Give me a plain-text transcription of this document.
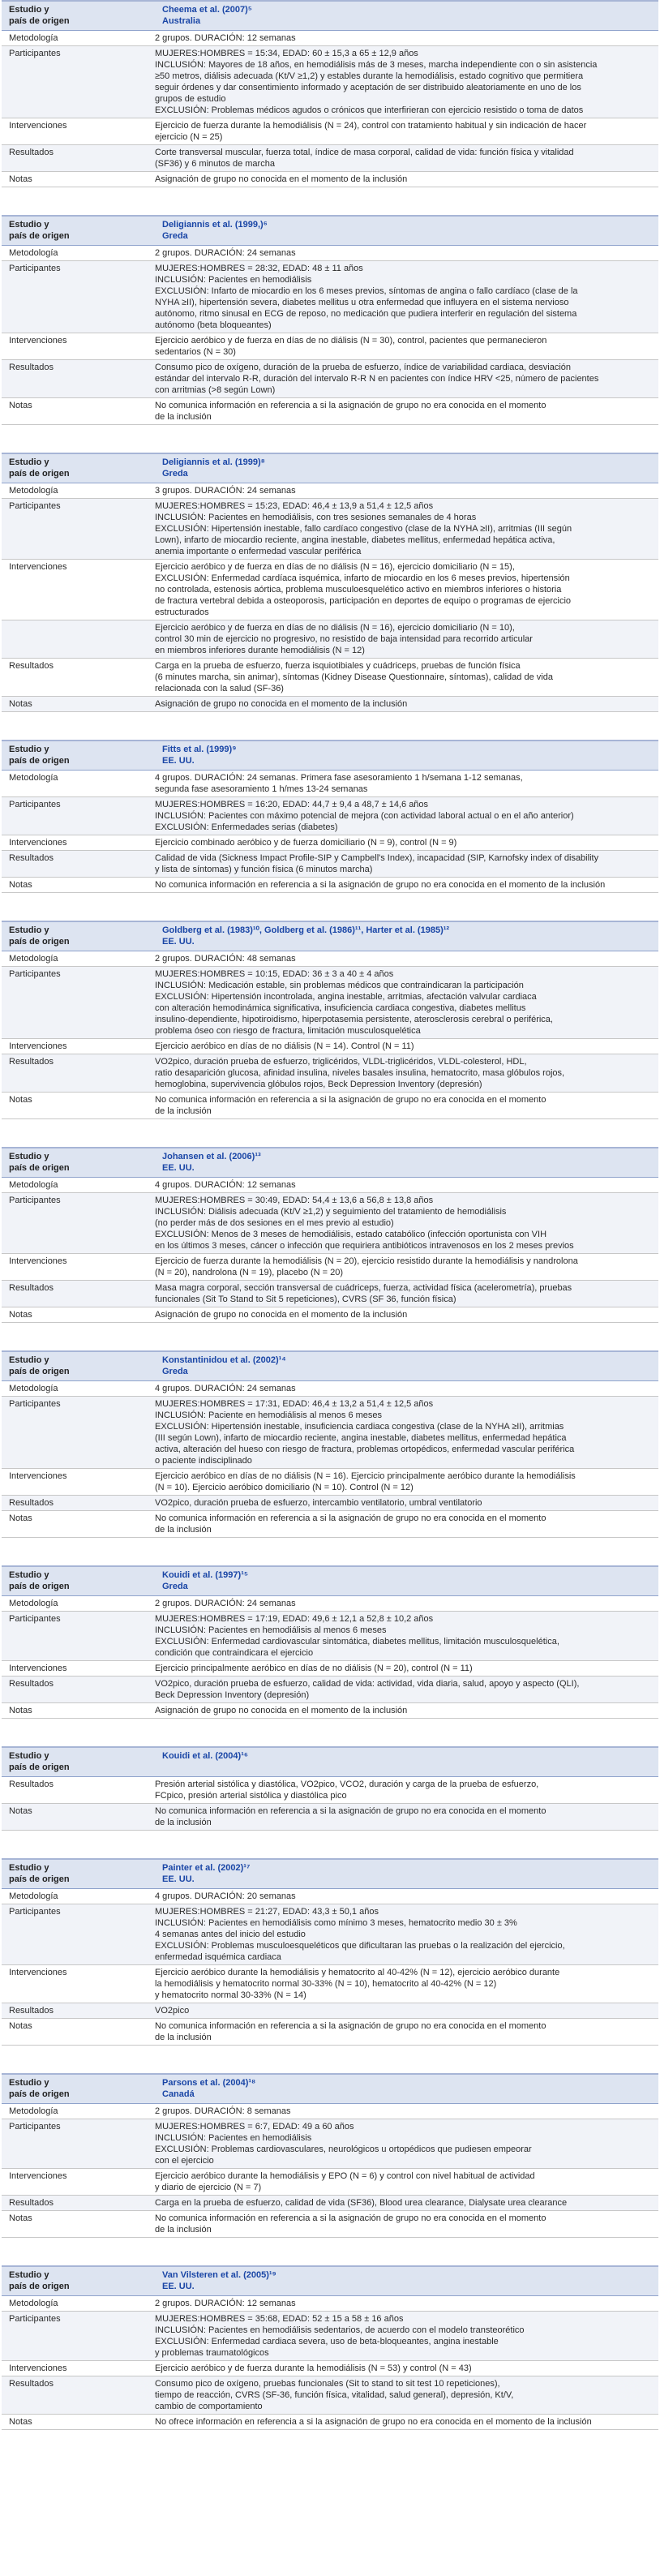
Estudio y
país de origen
Cheema et al. (2007)⁵
Australia
Metodología	2 grupos. DURACIÓN: 12 semanas
Participantes	MUJERES:HOMBRES = 15:34, EDAD: 60 ± 15,3 a 65 ± 12,9 años
INCLUSIÓN: Mayores de 18 años, en hemodiálisis más de 3 meses, marcha independiente con o sin asistencia
≥50 metros, diálisis adecuada (Kt/V ≥1,2) y estables durante la hemodiálisis, estado cognitivo que permitiera
seguir órdenes y dar consentimiento informado y aceptación de ser distribuido aleatoriamente en uno de los
grupos de estudio
EXCLUSIÓN: Problemas médicos agudos o crónicos que interfirieran con ejercicio resistido o toma de datos
Intervenciones	Ejercicio de fuerza durante la hemodiálisis (N = 24), control con tratamiento habitual y sin indicación de hacer
ejercicio (N = 25)
Resultados	Corte transversal muscular, fuerza total, índice de masa corporal, calidad de vida: función física y vitalidad
(SF36) y 6 minutos de marcha
Notas	Asignación de grupo no conocida en el momento de la inclusión
Estudio y
país de origen
Deligiannis et al. (1999,)⁶
Greda
Metodología	2 grupos. DURACIÓN: 24 semanas
Participantes	MUJERES:HOMBRES = 28:32, EDAD: 48 ± 11 años
INCLUSIÓN: Pacientes en hemodiálisis
EXCLUSIÓN: Infarto de miocardio en los 6 meses previos, síntomas de angina o fallo cardíaco (clase de la
NYHA ≥II), hipertensión severa, diabetes mellitus u otra enfermedad que influyera en el sistema nervioso
autónomo, ritmo sinusal en ECG de reposo, no medicación que pudiera interferir en regulación del sistema
autónomo (beta bloqueantes)
Intervenciones	Ejercicio aeróbico y de fuerza en días de no diálisis (N = 30), control, pacientes que permanecieron
sedentarios (N = 30)
Resultados	Consumo pico de oxígeno, duración de la prueba de esfuerzo, índice de variabilidad cardiaca, desviación
estándar del intervalo R-R, duración del intervalo R-R N en pacientes con índice HRV <25, número de pacientes
con arritmias (>8 según Lown)
Notas	No comunica información en referencia a si la asignación de grupo no era conocida en el momento
de la inclusión
Estudio y
país de origen
Deligiannis et al. (1999)⁸
Greda
Metodología	3 grupos. DURACIÓN: 24 semanas
Participantes	MUJERES:HOMBRES = 15:23, EDAD: 46,4 ± 13,9 a 51,4 ± 12,5 años
INCLUSIÓN: Pacientes en hemodiálisis, con tres sesiones semanales de 4 horas
EXCLUSIÓN: Hipertensión inestable, fallo cardíaco congestivo (clase de la NYHA ≥II), arritmias (III según
Lown), infarto de miocardio reciente, angina inestable, diabetes mellitus, enfermedad hepática activa,
anemia importante o enfermedad vascular periférica
Intervenciones	Ejercicio aeróbico y de fuerza en días de no diálisis (N = 16), ejercicio domiciliario (N = 15),
EXCLUSIÓN: Enfermedad cardíaca isquémica, infarto de miocardio en los 6 meses previos, hipertensión
no controlada, estenosis aórtica, problema musculoesquelético activo en miembros inferiores o historia
de fractura vertebral debida a osteoporosis, participación en deportes de equipo o programas de ejercicio
estructurados
Ejercicio aeróbico y de fuerza en días de no diálisis (N = 16), ejercicio domiciliario (N = 10),
control 30 min de ejercicio no progresivo, no resistido de baja intensidad para recorrido articular
en miembros inferiores durante hemodiálisis (N = 12)
Resultados	Carga en la prueba de esfuerzo, fuerza isquiotibiales y cuádriceps, pruebas de función física
(6 minutes marcha, sin animar), síntomas (Kidney Disease Questionnaire, síntomas), calidad de vida
relacionada con la salud (SF-36)
Notas	Asignación de grupo no conocida en el momento de la inclusión
Estudio y
país de origen
Fitts et al. (1999)⁹
EE. UU.
Metodología	4 grupos. DURACIÓN: 24 semanas. Primera fase asesoramiento 1 h/semana 1-12 semanas,
segunda fase asesoramiento 1 h/mes 13-24 semanas
Participantes	MUJERES:HOMBRES = 16:20, EDAD: 44,7 ± 9,4 a 48,7 ± 14,6 años
INCLUSIÓN: Pacientes con máximo potencial de mejora (con actividad laboral actual o en el año anterior)
EXCLUSIÓN: Enfermedades serias (diabetes)
Intervenciones	Ejercicio combinado aeróbico y de fuerza domiciliario (N = 9), control (N = 9)
Resultados	Calidad de vida (Sickness Impact Profile-SIP y Campbell's Index), incapacidad (SIP, Karnofsky index of disability
y lista de síntomas) y función física (6 minutos marcha)
Notas	No comunica información en referencia a si la asignación de grupo no era conocida en el momento de la inclusión
Estudio y
país de origen
Goldberg et al. (1983)¹⁰, Goldberg et al. (1986)¹¹, Harter et al. (1985)¹²
EE. UU.
Metodología	2 grupos. DURACIÓN: 48 semanas
Participantes	MUJERES:HOMBRES = 10:15, EDAD: 36 ± 3 a 40 ± 4 años
INCLUSIÓN: Medicación estable, sin problemas médicos que contraindicaran la participación
EXCLUSIÓN: Hipertensión incontrolada, angina inestable, arritmias, afectación valvular cardiaca
con alteración hemodinámica significativa, insuficiencia cardiaca congestiva, diabetes mellitus
insulino-dependiente, hipotiroidismo, hiperpotasemia persistente, aterosclerosis cerebral o periférica,
problema óseo con riesgo de fractura, limitación musculosquelética
Intervenciones	Ejercicio aeróbico en días de no diálisis (N = 14). Control (N = 11)
Resultados	VO2pico, duración prueba de esfuerzo, triglicéridos, VLDL-triglicéridos, VLDL-colesterol, HDL,
ratio desaparición glucosa, afinidad insulina, niveles basales insulina, hematocrito, masa glóbulos rojos,
hemoglobina, supervivencia glóbulos rojos, Beck Depression Inventory (depresión)
Notas	No comunica información en referencia a si la asignación de grupo no era conocida en el momento
de la inclusión
Estudio y
país de origen
Johansen et al. (2006)¹³
EE. UU.
Metodología	4 grupos. DURACIÓN: 12 semanas
Participantes	MUJERES:HOMBRES = 30:49, EDAD: 54,4 ± 13,6 a 56,8 ± 13,8 años
INCLUSIÓN: Diálisis adecuada (Kt/V ≥1,2) y seguimiento del tratamiento de hemodiálisis
(no perder más de dos sesiones en el mes previo al estudio)
EXCLUSIÓN: Menos de 3 meses de hemodiálisis, estado catabólico (infección oportunista con VIH
en los últimos 3 meses, cáncer o infección que requiriera antibióticos intravenosos en los 2 meses previos
Intervenciones	Ejercicio de fuerza durante la hemodiálisis (N = 20), ejercicio resistido durante la hemodiálisis y nandrolona
(N = 20), nandrolona (N = 19), placebo (N = 20)
Resultados	Masa magra corporal, sección transversal de cuádriceps, fuerza, actividad física (acelerometría), pruebas
funcionales (Sit To Stand to Sit 5 repeticiones), CVRS (SF 36, función física)
Notas	Asignación de grupo no conocida en el momento de la inclusión
Estudio y
país de origen
Konstantinidou et al. (2002)¹⁴
Greda
Metodología	4 grupos. DURACIÓN: 24 semanas
Participantes	MUJERES:HOMBRES = 17:31, EDAD: 46,4 ± 13,2 a 51,4 ± 12,5 años
INCLUSIÓN: Paciente en hemodiálisis al menos 6 meses
EXCLUSIÓN: Hipertensión inestable, insuficiencia cardiaca congestiva (clase de la NYHA ≥II), arritmias
(III según Lown), infarto de miocardio reciente, angina inestable, diabetes mellitus, enfermedad hepática
activa, alteración del hueso con riesgo de fractura, problemas ortopédicos, enfermedad vascular periférica
o paciente indisciplinado
Intervenciones	Ejercicio aeróbico en días de no diálisis (N = 16). Ejercicio principalmente aeróbico durante la hemodiálisis
(N = 10). Ejercicio aeróbico domiciliario (N = 10). Control (N = 12)
Resultados	VO2pico, duración prueba de esfuerzo, intercambio ventilatorio, umbral ventilatorio
Notas	No comunica información en referencia a si la asignación de grupo no era conocida en el momento
de la inclusión
Estudio y
país de origen
Kouidi et al. (1997)¹⁵
Greda
Metodología	2 grupos. DURACIÓN: 24 semanas
Participantes	MUJERES:HOMBRES = 17:19, EDAD: 49,6 ± 12,1 a 52,8 ± 10,2 años
INCLUSIÓN: Pacientes en hemodiálisis al menos 6 meses
EXCLUSIÓN: Enfermedad cardiovascular sintomática, diabetes mellitus, limitación musculosquelética,
condición que contraindicara el ejercicio
Intervenciones	Ejercicio principalmente aeróbico en días de no diálisis (N = 20), control (N = 11)
Resultados	VO2pico, duración prueba de esfuerzo, calidad de vida: actividad, vida diaria, salud, apoyo y aspecto (QLI),
Beck Depression Inventory (depresión)
Notas	Asignación de grupo no conocida en el momento de la inclusión
Estudio y
país de origen
Kouidi et al. (2004)¹⁶
Resultados	Presión arterial sistólica y diastólica, VO2pico, VCO2, duración y carga de la prueba de esfuerzo,
FCpico, presión arterial sistólica y diastólica pico
Notas	No comunica información en referencia a si la asignación de grupo no era conocida en el momento
de la inclusión
Estudio y
país de origen
Painter et al. (2002)¹⁷
EE. UU.
Metodología	4 grupos. DURACIÓN: 20 semanas
Participantes	MUJERES:HOMBRES = 21:27, EDAD: 43,3 ± 50,1 años
INCLUSIÓN: Pacientes en hemodiálisis como mínimo 3 meses, hematocrito medio 30 ± 3%
4 semanas antes del inicio del estudio
EXCLUSIÓN: Problemas musculoesqueléticos que dificultaran las pruebas o la realización del ejercicio,
enfermedad isquémica cardiaca
Intervenciones	Ejercicio aeróbico durante la hemodiálisis y hematocrito al 40-42% (N = 12), ejercicio aeróbico durante
la hemodiálisis y hematocrito normal 30-33% (N = 10), hematocrito al 40-42% (N = 12)
y hematocrito normal 30-33% (N = 14)
Resultados	VO2pico
Notas	No comunica información en referencia a si la asignación de grupo no era conocida en el momento
de la inclusión
Estudio y
país de origen
Parsons et al. (2004)¹⁸
Canadá
Metodología	2 grupos. DURACIÓN: 8 semanas
Participantes	MUJERES:HOMBRES = 6:7, EDAD: 49 a 60 años
INCLUSIÓN: Pacientes en hemodiálisis
EXCLUSIÓN: Problemas cardiovasculares, neurológicos u ortopédicos que pudiesen empeorar
con el ejercicio
Intervenciones	Ejercicio aeróbico durante la hemodiálisis y EPO (N = 6) y control con nivel habitual de actividad
y diario de ejercicio (N = 7)
Resultados	Carga en la prueba de esfuerzo, calidad de vida (SF36), Blood urea clearance, Dialysate urea clearance
Notas	No comunica información en referencia a si la asignación de grupo no era conocida en el momento
de la inclusión
Estudio y
país de origen
Van Vilsteren et al. (2005)¹⁹
EE. UU.
Metodología	2 grupos. DURACIÓN: 12 semanas
Participantes	MUJERES:HOMBRES = 35:68, EDAD: 52 ± 15 a 58 ± 16 años
INCLUSIÓN: Pacientes en hemodiálisis sedentarios, de acuerdo con el modelo transteorético
EXCLUSIÓN: Enfermedad cardiaca severa, uso de beta-bloqueantes, angina inestable
y problemas traumatológicos
Intervenciones	Ejercicio aeróbico y de fuerza durante la hemodiálisis (N = 53) y control (N = 43)
Resultados	Consumo pico de oxígeno, pruebas funcionales (Sit to stand to sit test 10 repeticiones),
tiempo de reacción, CVRS (SF-36, función física, vitalidad, salud general), depresión, Kt/V,
cambio de comportamiento
Notas	No ofrece información en referencia a si la asignación de grupo no era conocida en el momento de la inclusión
